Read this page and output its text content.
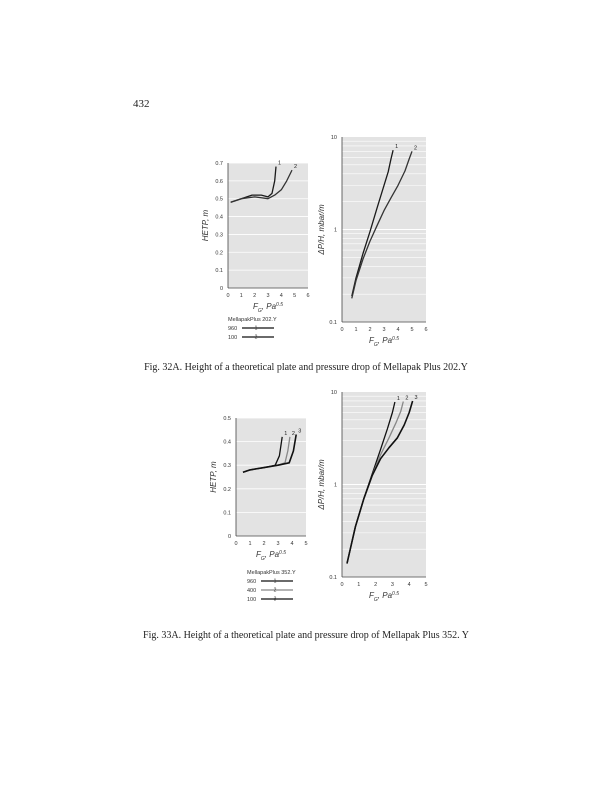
432
0 1 2 3 4 5 6
0
0.1
0.2
0.3
0.4
0.5
0.6
0.7
HETP, m
$F_G$, $Pa^{0.5}$
1
2
0 1 2 3 4 5 6
0.1
1
10
ΔP/H, mbar/m
$F_G$, $Pa^{0.5}$
1	2
0 1 2 3 4 5
0
0.1
0.2
0.3
0.4
0.5
HETP, m
$F_G$, $Pa^{0.5}$
1 2 3
0 1 2 3 4 5
0.1
1
10
ΔP/H, mbar/m
$F_G$, $Pa^{0.5}$
1 2 3
MellapakPlus 202.Y
960	1
100	2
MellapakPlus 352.Y
960	1
400	2
100	3
Fig. 32A. Height of a theoretical plate and pressure drop of Mellapak Plus 202.Y
Fig. 33A. Height of a theoretical plate and pressure drop of Mellapak Plus 352. Y
